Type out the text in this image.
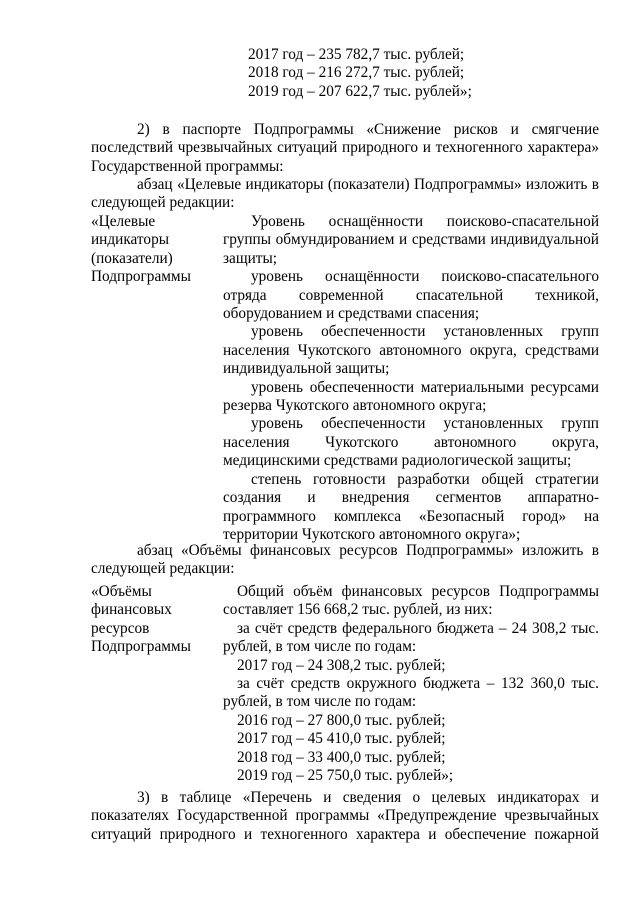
2017 год – 235 782,7 тыс. рублей;
2018 год – 216 272,7 тыс. рублей;
2019 год – 207 622,7 тыс. рублей»;
2) в паспорте Подпрограммы «Снижение рисков и смягчение
последствий чрезвычайных ситуаций природного и техногенного характера»
Государственной программы:
абзац «Целевые индикаторы (показатели) Подпрограммы» изложить в
следующей редакции:
«Целевые
индикаторы
(показатели)
Подпрограммы
Уровень оснащённости поисково-спасательной
группы обмундированием и средствами индивидуальной
защиты;
уровень оснащённости поисково-спасательного
отряда современной спасательной техникой,
оборудованием и средствами спасения;
уровень обеспеченности установленных групп
населения Чукотского автономного округа, средствами
индивидуальной защиты;
уровень обеспеченности материальными ресурсами
резерва Чукотского автономного округа;
уровень обеспеченности установленных групп
населения Чукотского автономного округа,
медицинскими средствами радиологической защиты;
степень готовности разработки общей стратегии
создания и внедрения сегментов аппаратно-
программного комплекса «Безопасный город» на
территории Чукотского автономного округа»;
абзац «Объёмы финансовых ресурсов Подпрограммы» изложить в
следующей редакции:
«Объёмы
финансовых
ресурсов
Подпрограммы
Общий объём финансовых ресурсов Подпрограммы
составляет 156 668,2 тыс. рублей, из них:
за счёт средств федерального бюджета – 24 308,2 тыс.
рублей, в том числе по годам:
2017 год – 24 308,2 тыс. рублей;
за счёт средств окружного бюджета – 132 360,0 тыс.
рублей, в том числе по годам:
2016 год – 27 800,0 тыс. рублей;
2017 год – 45 410,0 тыс. рублей;
2018 год – 33 400,0 тыс. рублей;
2019 год – 25 750,0 тыс. рублей»;
3) в таблице «Перечень и сведения о целевых индикаторах и
показателях Государственной программы «Предупреждение чрезвычайных
ситуаций природного и техногенного характера и обеспечение пожарной
